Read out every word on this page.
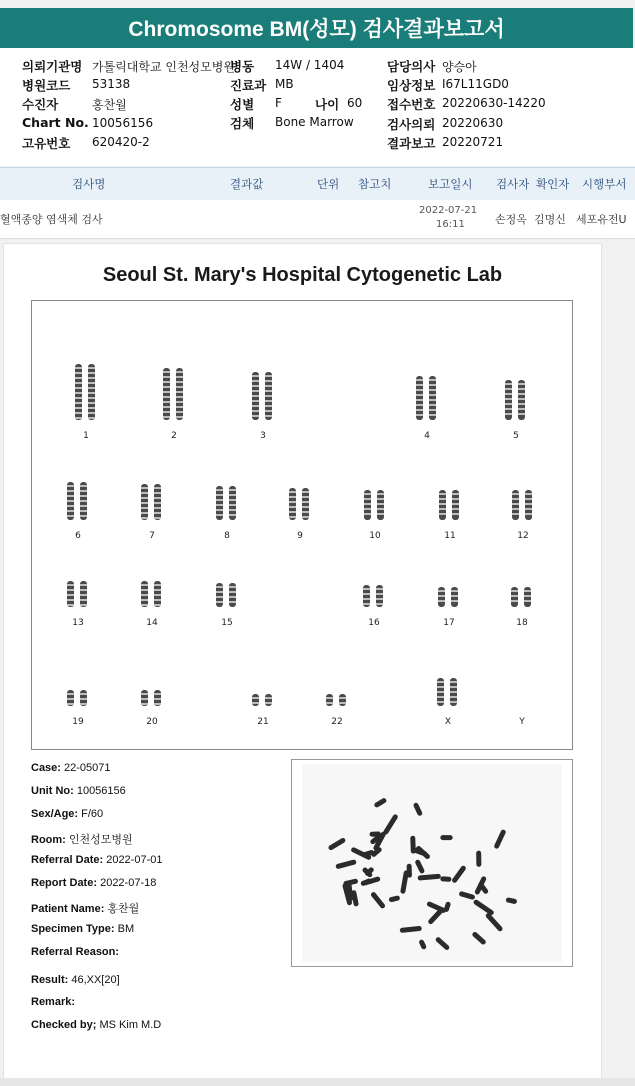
Chromosome BM(성모) 검사결과보고서
의뢰기관명 가톨릭대학교 인천성모병원
병동 14W / 1404	담당의사 양승아
병원코드 53138	진료과 MB	임상정보 I67L11GD0
수진자	홍찬월	성별 F	나이 60 접수번호 20220630-14220
Chart No. 10056156	검체 Bone Marrow	검사의뢰 20220630
고유번호 620420-2	결과보고 20220721
검사명	결과값	단위 참고치	보고일시 검사자 확인자 시행부서
혈액종양 염색체 검사
2022-07-21
16:11	손정옥 김명신 세포유전U
Seoul St. Mary's Hospital Cytogenetic Lab
1	2	3	4	5
6	7	8	9	10	11	12
13	14	15	16	17	18
19	20	21	22	X	Y
Case: 22-05071
Unit No: 10056156
Sex/Age: F/60
Room: 인천성모병원
Referral Date: 2022-07-01
Report Date: 2022-07-18
Patient Name: 홍찬월
Specimen Type: BM
Referral Reason:
Result: 46,XX[20]
Remark:
Checked by; MS Kim M.D
